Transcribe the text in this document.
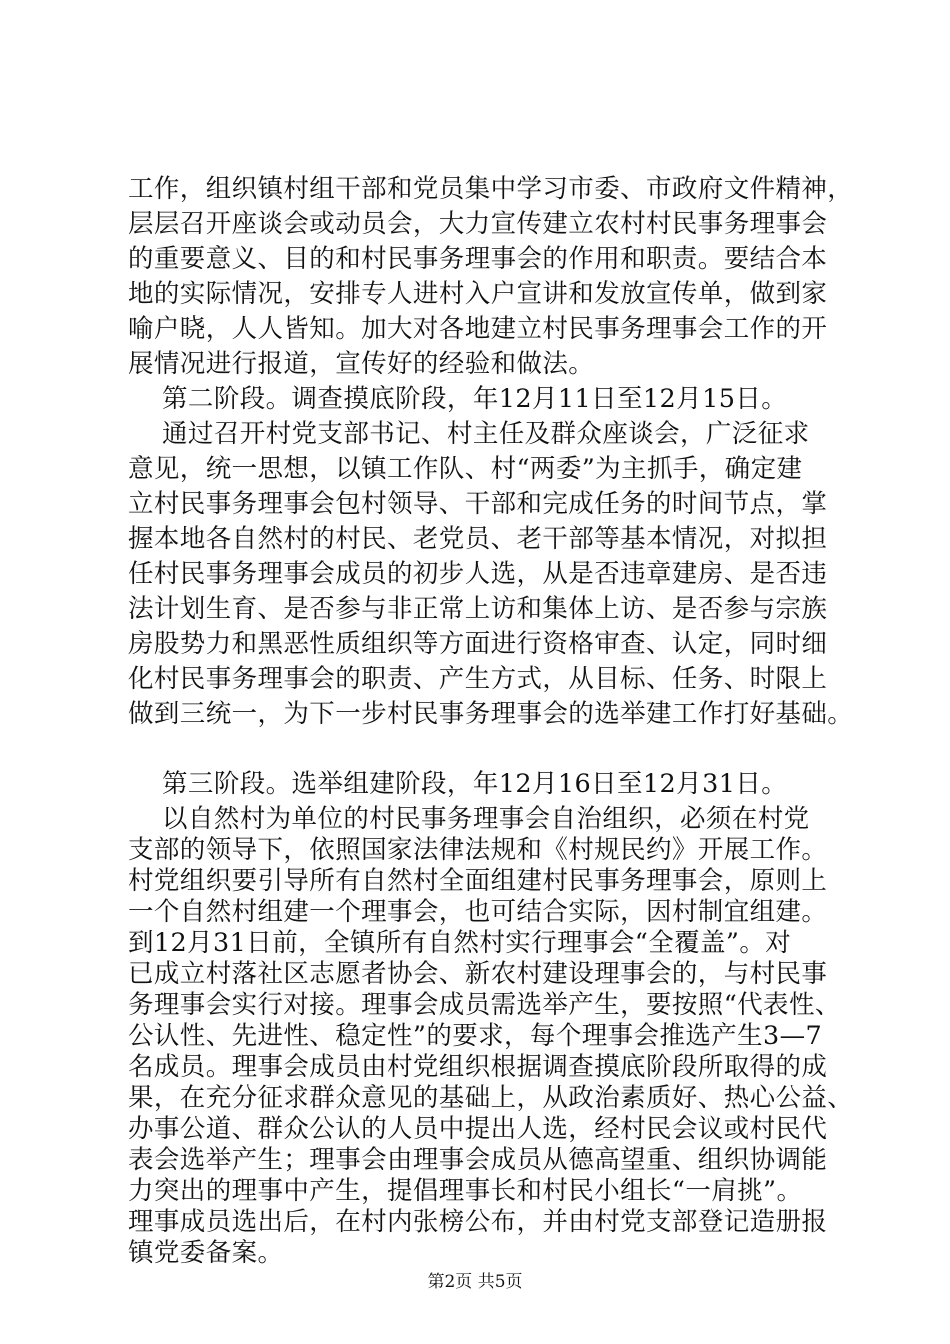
工作，组织镇村组干部和党员集中学习市委、市政府文件精神，
层层召开座谈会或动员会，大力宣传建立农村村民事务理事会
的重要意义、目的和村民事务理事会的作用和职责。要结合本
地的实际情况，安排专人进村入户宣讲和发放宣传单，做到家
喻户晓，人人皆知。加大对各地建立村民事务理事会工作的开
展情况进行报道，宣传好的经验和做法。
第二阶段。调查摸底阶段，年12月11日至12月15日。
通过召开村党支部书记、村主任及群众座谈会，广泛征求
意见，统一思想，以镇工作队、村“两委”为主抓手，确定建
立村民事务理事会包村领导、干部和完成任务的时间节点，掌
握本地各自然村的村民、老党员、老干部等基本情况，对拟担
任村民事务理事会成员的初步人选，从是否违章建房、是否违
法计划生育、是否参与非正常上访和集体上访、是否参与宗族
房股势力和黑恶性质组织等方面进行资格审查、认定，同时细
化村民事务理事会的职责、产生方式，从目标、任务、时限上
做到三统一，为下一步村民事务理事会的选举建工作打好基础。
第三阶段。选举组建阶段，年12月16日至12月31日。
以自然村为单位的村民事务理事会自治组织，必须在村党
支部的领导下，依照国家法律法规和《村规民约》开展工作。
村党组织要引导所有自然村全面组建村民事务理事会，原则上
一个自然村组建一个理事会，也可结合实际，因村制宜组建。
到12月31日前，全镇所有自然村实行理事会“全覆盖”。对
已成立村落社区志愿者协会、新农村建设理事会的，与村民事
务理事会实行对接。理事会成员需选举产生，要按照“代表性、
公认性、先进性、稳定性”的要求，每个理事会推选产生3—7
名成员。理事会成员由村党组织根据调查摸底阶段所取得的成
果，在充分征求群众意见的基础上，从政治素质好、热心公益、
办事公道、群众公认的人员中提出人选，经村民会议或村民代
表会选举产生；理事会由理事会成员从德高望重、组织协调能
力突出的理事中产生，提倡理事长和村民小组长“一肩挑”。
理事成员选出后，在村内张榜公布，并由村党支部登记造册报
镇党委备案。
第2页 共5页
